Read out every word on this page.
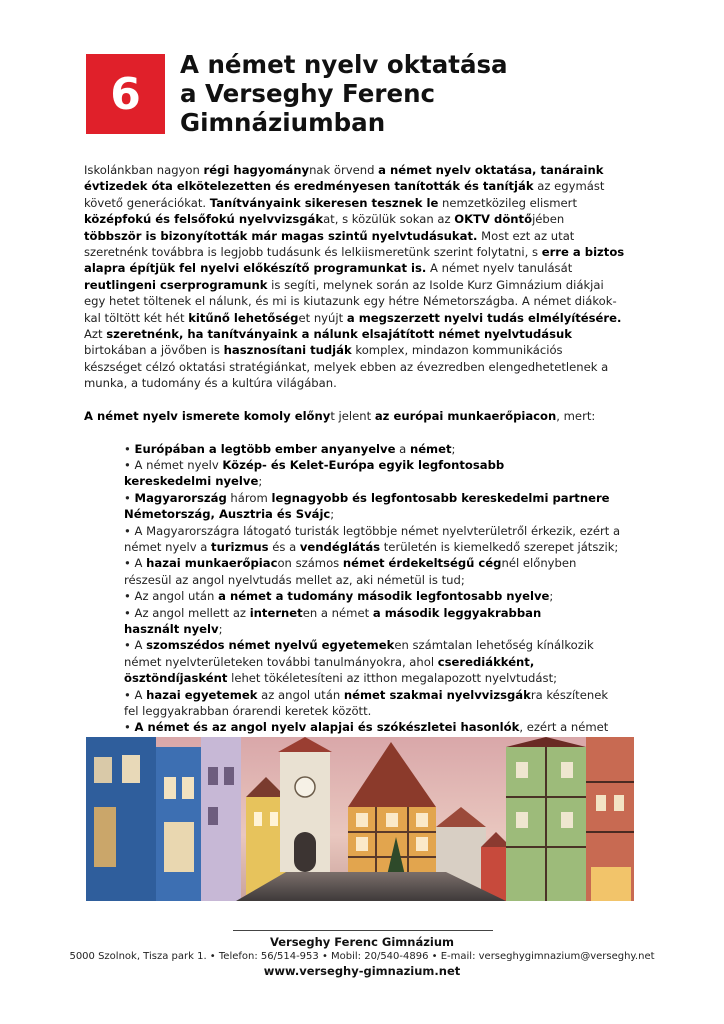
6
A német nyelv oktatása
a Verseghy Ferenc
Gimnáziumban
Iskolánkban nagyon régi hagyománynak örvend a német nyelv oktatása, tanáraink
évtizedek óta elkötelezetten és eredményesen tanították és tanítják az egymást
követő generációkat. Tanítványaink sikeresen tesznek le nemzetközileg elismert
középfokú és felsőfokú nyelvvizsgákat, s közülük sokan az OKTV döntőjében
többször is bizonyították már magas szintű nyelvtudásukat. Most ezt az utat
szeretnénk továbbra is legjobb tudásunk és lelkiismeretünk szerint folytatni, s erre a biztos
alapra építjük fel nyelvi előkészítő programunkat is. A német nyelv tanulását
reutlingeni cserprogramunk is segíti, melynek során az Isolde Kurz Gimnázium diákjai
egy hetet töltenek el nálunk, és mi is kiutazunk egy hétre Németországba. A német diákok-
kal töltött két hét kitűnő lehetőséget nyújt a megszerzett nyelvi tudás elmélyítésére.
Azt szeretnénk, ha tanítványaink a nálunk elsajátított német nyelvtudásuk
birtokában a jövőben is hasznosítani tudják komplex, mindazon kommunikációs
készséget célzó oktatási stratégiánkat, melyek ebben az évezredben elengedhetetlenek a
munka, a tudomány és a kultúra világában.
A német nyelv ismerete komoly előnyt jelent az európai munkaerőpiacon, mert:
• Európában a legtöbb ember anyanyelve a német;
• A német nyelv Közép- és Kelet-Európa egyik legfontosabb
kereskedelmi nyelve;
• Magyarország három legnagyobb és legfontosabb kereskedelmi partnere
Németország, Ausztria és Svájc;
• A Magyarországra látogató turisták legtöbbje német nyelvterületről érkezik, ezért a
német nyelv a turizmus és a vendéglátás területén is kiemelkedő szerepet játszik;
• A hazai munkaerőpiacon számos német érdekeltségű cégnél előnyben
részesül az angol nyelvtudás mellet az, aki németül is tud;
• Az angol után a német a tudomány második legfontosabb nyelve;
• Az angol mellett az interneten a német a második leggyakrabban
használt nyelv;
• A szomszédos német nyelvű egyetemeken számtalan lehetőség kínálkozik
német nyelvterületeken további tanulmányokra, ahol cserediákként,
ösztöndíjasként lehet tökéletesíteni az itthon megalapozott nyelvtudást;
• A hazai egyetemek az angol után német szakmai nyelvvizsgákra készítenek
fel leggyakrabban órarendi keretek között.
• A német és az angol nyelv alapjai és szókészletei hasonlók, ezért a német
Verseghy Ferenc Gimnázium
5000 Szolnok, Tisza park 1. • Telefon: 56/514-953 • Mobil: 20/540-4896 • E-mail: verseghygimnazium@verseghy.net
www.verseghy-gimnazium.net
